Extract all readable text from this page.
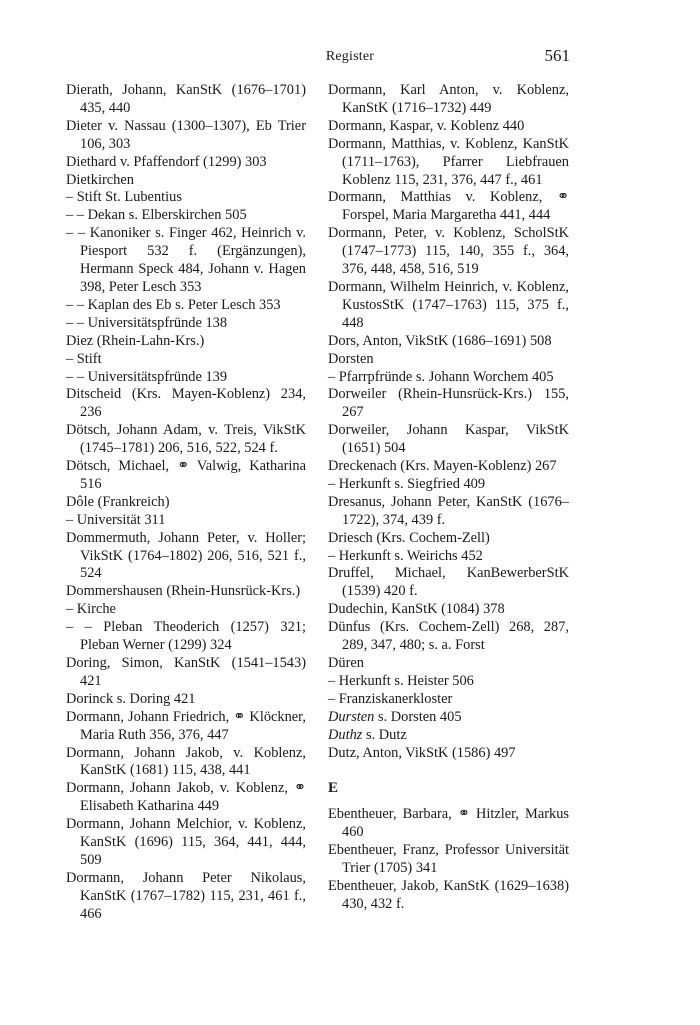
Register	561

Dierath, Johann, KanStK (1676–1701) 435, 440

Dieter v. Nassau (1300–1307), Eb Trier 106, 303

Diethard v. Pfaffendorf (1299) 303

Dietkirchen

– Stift St. Lubentius

– – Dekan s. Elberskirchen 505

– – Kanoniker s. Finger 462, Heinrich v. Piesport 532 f. (Ergänzungen), Hermann Speck 484, Johann v. Hagen 398, Peter Lesch 353

– – Kaplan des Eb s. Peter Lesch 353

– – Universitätspfründe 138

Diez (Rhein-Lahn-Krs.)

– Stift

– – Universitätspfründe 139

Ditscheid (Krs. Mayen-Koblenz) 234, 236

Dötsch, Johann Adam, v. Treis, VikStK (1745–1781) 206, 516, 522, 524 f.

Dötsch, Michael, ⚭ Valwig, Katharina 516

Dôle (Frankreich)

– Universität 311

Dommermuth, Johann Peter, v. Holler; VikStK (1764–1802) 206, 516, 521 f., 524

Dommershausen (Rhein-Hunsrück-Krs.)

– Kirche

– – Pleban Theoderich (1257) 321; Pleban Werner (1299) 324

Doring, Simon, KanStK (1541–1543) 421

Dorinck s. Doring 421

Dormann, Johann Friedrich, ⚭ Klöckner, Maria Ruth 356, 376, 447

Dormann, Johann Jakob, v. Koblenz, KanStK (1681) 115, 438, 441

Dormann, Johann Jakob, v. Koblenz, ⚭ Elisabeth Katharina 449

Dormann, Johann Melchior, v. Koblenz, KanStK (1696) 115, 364, 441, 444, 509

Dormann, Johann Peter Nikolaus, KanStK (1767–1782) 115, 231, 461 f., 466

Dormann, Karl Anton, v. Koblenz, KanStK (1716–1732) 449

Dormann, Kaspar, v. Koblenz 440

Dormann, Matthias, v. Koblenz, KanStK (1711–1763), Pfarrer Liebfrauen Koblenz 115, 231, 376, 447 f., 461

Dormann, Matthias v. Koblenz, ⚭ Forspel, Maria Margaretha 441, 444

Dormann, Peter, v. Koblenz, ScholStK (1747–1773) 115, 140, 355 f., 364, 376, 448, 458, 516, 519

Dormann, Wilhelm Heinrich, v. Koblenz, KustosStK (1747–1763) 115, 375 f., 448

Dors, Anton, VikStK (1686–1691) 508

Dorsten

– Pfarrpfründe s. Johann Worchem 405

Dorweiler (Rhein-Hunsrück-Krs.) 155, 267

Dorweiler, Johann Kaspar, VikStK (1651) 504

Dreckenach (Krs. Mayen-Koblenz) 267

– Herkunft s. Siegfried 409

Dresanus, Johann Peter, KanStK (1676–1722), 374, 439 f.

Driesch (Krs. Cochem-Zell)

– Herkunft s. Weirichs 452

Druffel, Michael, KanBewerberStK (1539) 420 f.

Dudechin, KanStK (1084) 378

Dünfus (Krs. Cochem-Zell) 268, 287, 289, 347, 480; s. a. Forst

Düren

– Herkunft s. Heister 506

– Franziskanerkloster

Dursten s. Dorsten 405

Duthz s. Dutz

Dutz, Anton, VikStK (1586) 497

E

Ebentheuer, Barbara, ⚭ Hitzler, Markus 460

Ebentheuer, Franz, Professor Universität Trier (1705) 341

Ebentheuer, Jakob, KanStK (1629–1638) 430, 432 f.
